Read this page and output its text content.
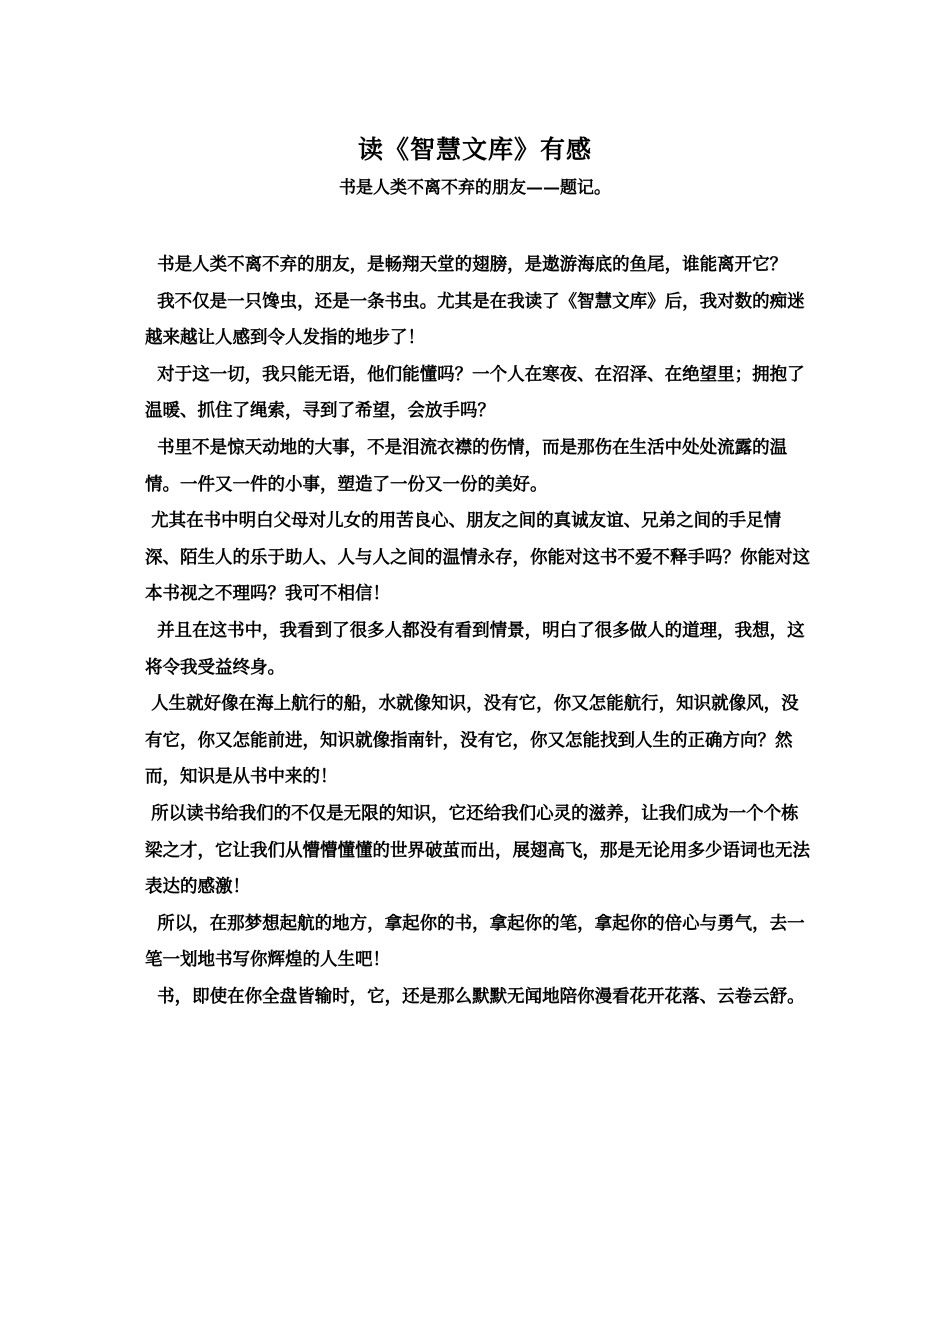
读《智慧文库》有感
书是人类不离不弃的朋友——题记。

书是人类不离不弃的朋友，是畅翔天堂的翅膀，是遨游海底的鱼尾，谁能离开它？

我不仅是一只馋虫，还是一条书虫。尤其是在我读了《智慧文库》后，我对数的痴迷越来越让人感到令人发指的地步了！

对于这一切，我只能无语，他们能懂吗？一个人在寒夜、在沼泽、在绝望里；拥抱了温暖、抓住了绳索，寻到了希望，会放手吗？

书里不是惊天动地的大事，不是泪流衣襟的伤情，而是那伤在生活中处处流露的温情。一件又一件的小事，塑造了一份又一份的美好。

尤其在书中明白父母对儿女的用苦良心、朋友之间的真诚友谊、兄弟之间的手足情深、陌生人的乐于助人、人与人之间的温情永存，你能对这书不爱不释手吗？你能对这本书视之不理吗？我可不相信！

并且在这书中，我看到了很多人都没有看到情景，明白了很多做人的道理，我想，这将令我受益终身。

人生就好像在海上航行的船，水就像知识，没有它，你又怎能航行，知识就像风，没有它，你又怎能前进，知识就像指南针，没有它，你又怎能找到人生的正确方向？然而，知识是从书中来的！

所以读书给我们的不仅是无限的知识，它还给我们心灵的滋养，让我们成为一个个栋梁之才，它让我们从懵懵懂懂的世界破茧而出，展翅高飞，那是无论用多少语词也无法表达的感激！

所以，在那梦想起航的地方，拿起你的书，拿起你的笔，拿起你的倍心与勇气，去一笔一划地书写你辉煌的人生吧！

书，即使在你全盘皆输时，它，还是那么默默无闻地陪你漫看花开花落、云卷云舒。
